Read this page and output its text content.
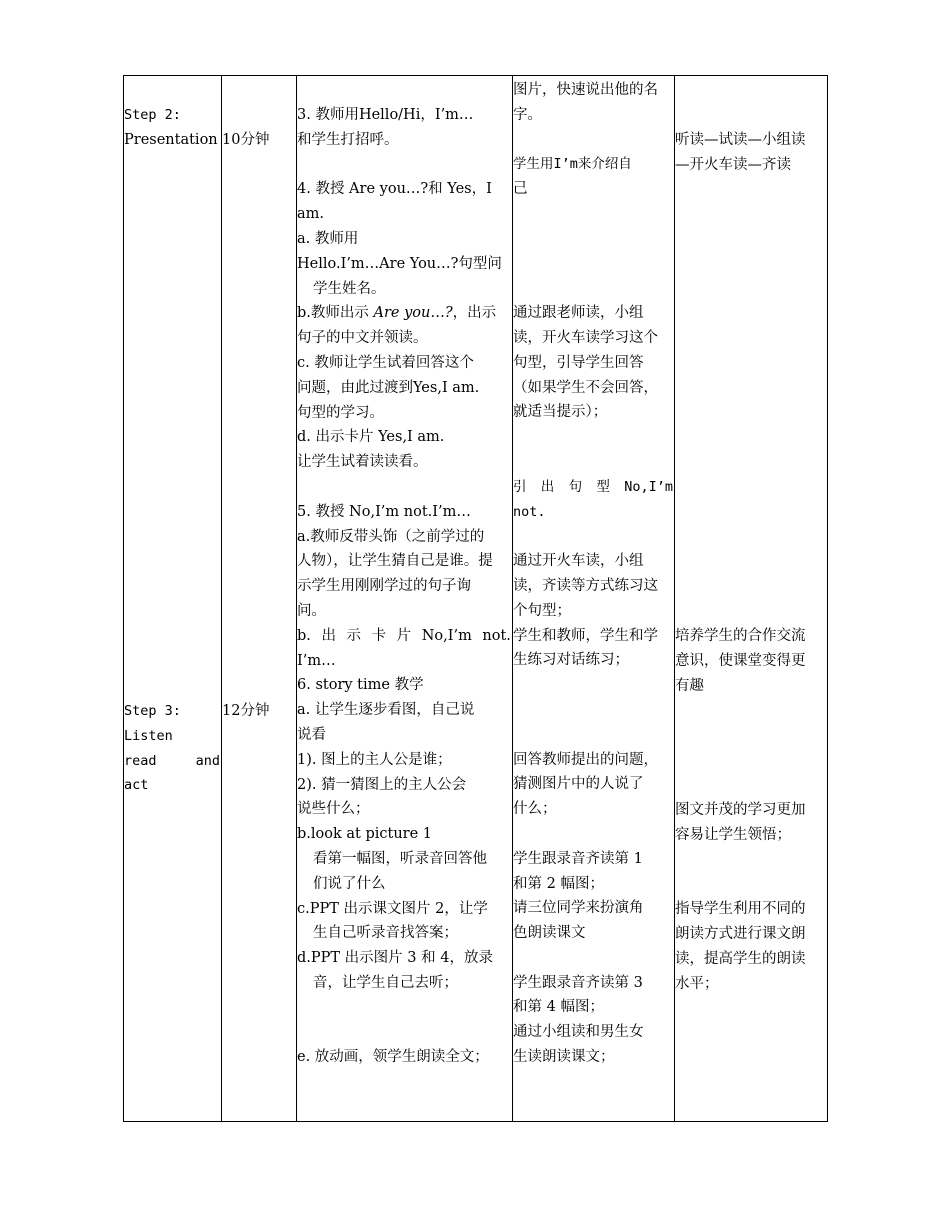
Step 2:
Presentation
Step 3:
Listen
read	and
act
10分钟
12分钟
3. 教师用Hello/Hi，I’m…
和学生打招呼。
4. 教授 Are you…?和 Yes，I
am.
a. 教师用
Hello.I’m…Are You…?句型问
学生姓名。
b.教师出示 Are you…?，出示
句子的中文并领读。
c. 教师让学生试着回答这个
问题，由此过渡到Yes,I am.
句型的学习。
d. 出示卡片 Yes,I am.
让学生试着读读看。
5. 教授 No,I’m not.I’m…
a.教师反带头饰（之前学过的
人物），让学生猜自己是谁。提
示学生用刚刚学过的句子询
问。
b. 出 示 卡 片 No,I’m not.
I’m…
6. story time 教学
a. 让学生逐步看图，自己说
说看
1). 图上的主人公是谁；
2). 猜一猜图上的主人公会
说些什么；
b.look at picture 1
看第一幅图，听录音回答他
们说了什么
c.PPT 出示课文图片 2，让学
生自己听录音找答案；
d.PPT 出示图片 3 和 4，放录
音，让学生自己去听；
e. 放动画，领学生朗读全文；
图片，快速说出他的名
字。
学生用I’m来介绍自
己
通过跟老师读，小组
读，开火车读学习这个
句型，引导学生回答
（如果学生不会回答，
就适当提示）；
引 出 句 型 No,I’m
not.
通过开火车读，小组
读，齐读等方式练习这
个句型；
学生和教师，学生和学
生练习对话练习；
回答教师提出的问题，
猜测图片中的人说了
什么；
学生跟录音齐读第 1
和第 2 幅图；
请三位同学来扮演角
色朗读课文
学生跟录音齐读第 3
和第 4 幅图；
通过小组读和男生女
生读朗读课文；
听读—试读—小组读
—开火车读—齐读
培养学生的合作交流
意识，使课堂变得更
有趣
图文并茂的学习更加
容易让学生领悟；
指导学生利用不同的
朗读方式进行课文朗
读，提高学生的朗读
水平；
